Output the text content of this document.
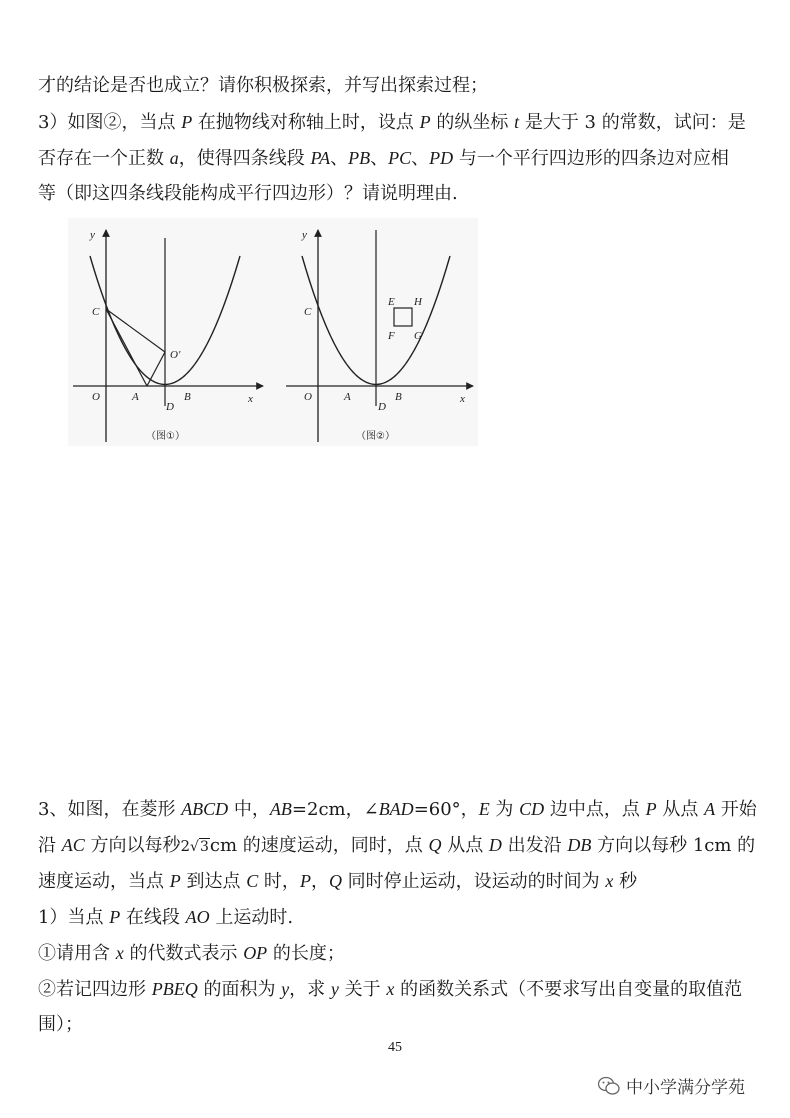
才的结论是否也成立？请你积极探索，并写出探索过程；
3）如图②，当点 P 在抛物线对称轴上时，设点 P 的纵坐标 t 是大于 3 的常数，试问：是
否存在一个正数 a，使得四条线段 PA、PB、PC、PD 与一个平行四边形的四条边对应相
等（即这四条线段能构成平行四边形）？请说明理由.
y
x
O	A	B
C
D
O'
（图①）
y
x
O	A	B
C
D
E H
F G
（图②）
3、如图，在菱形 ABCD 中，AB=2cm，∠BAD=60°，E 为 CD 边中点，点 P 从点 A 开始
沿 AC 方向以每秒2√3cm 的速度运动，同时，点 Q 从点 D 出发沿 DB 方向以每秒 1cm 的
速度运动，当点 P 到达点 C 时，P，Q 同时停止运动，设运动的时间为 x 秒
1）当点 P 在线段 AO 上运动时.
①请用含 x 的代数式表示 OP 的长度；
②若记四边形 PBEQ 的面积为 y，求 y 关于 x 的函数关系式（不要求写出自变量的取值范
围）；
45
中小学满分学苑
